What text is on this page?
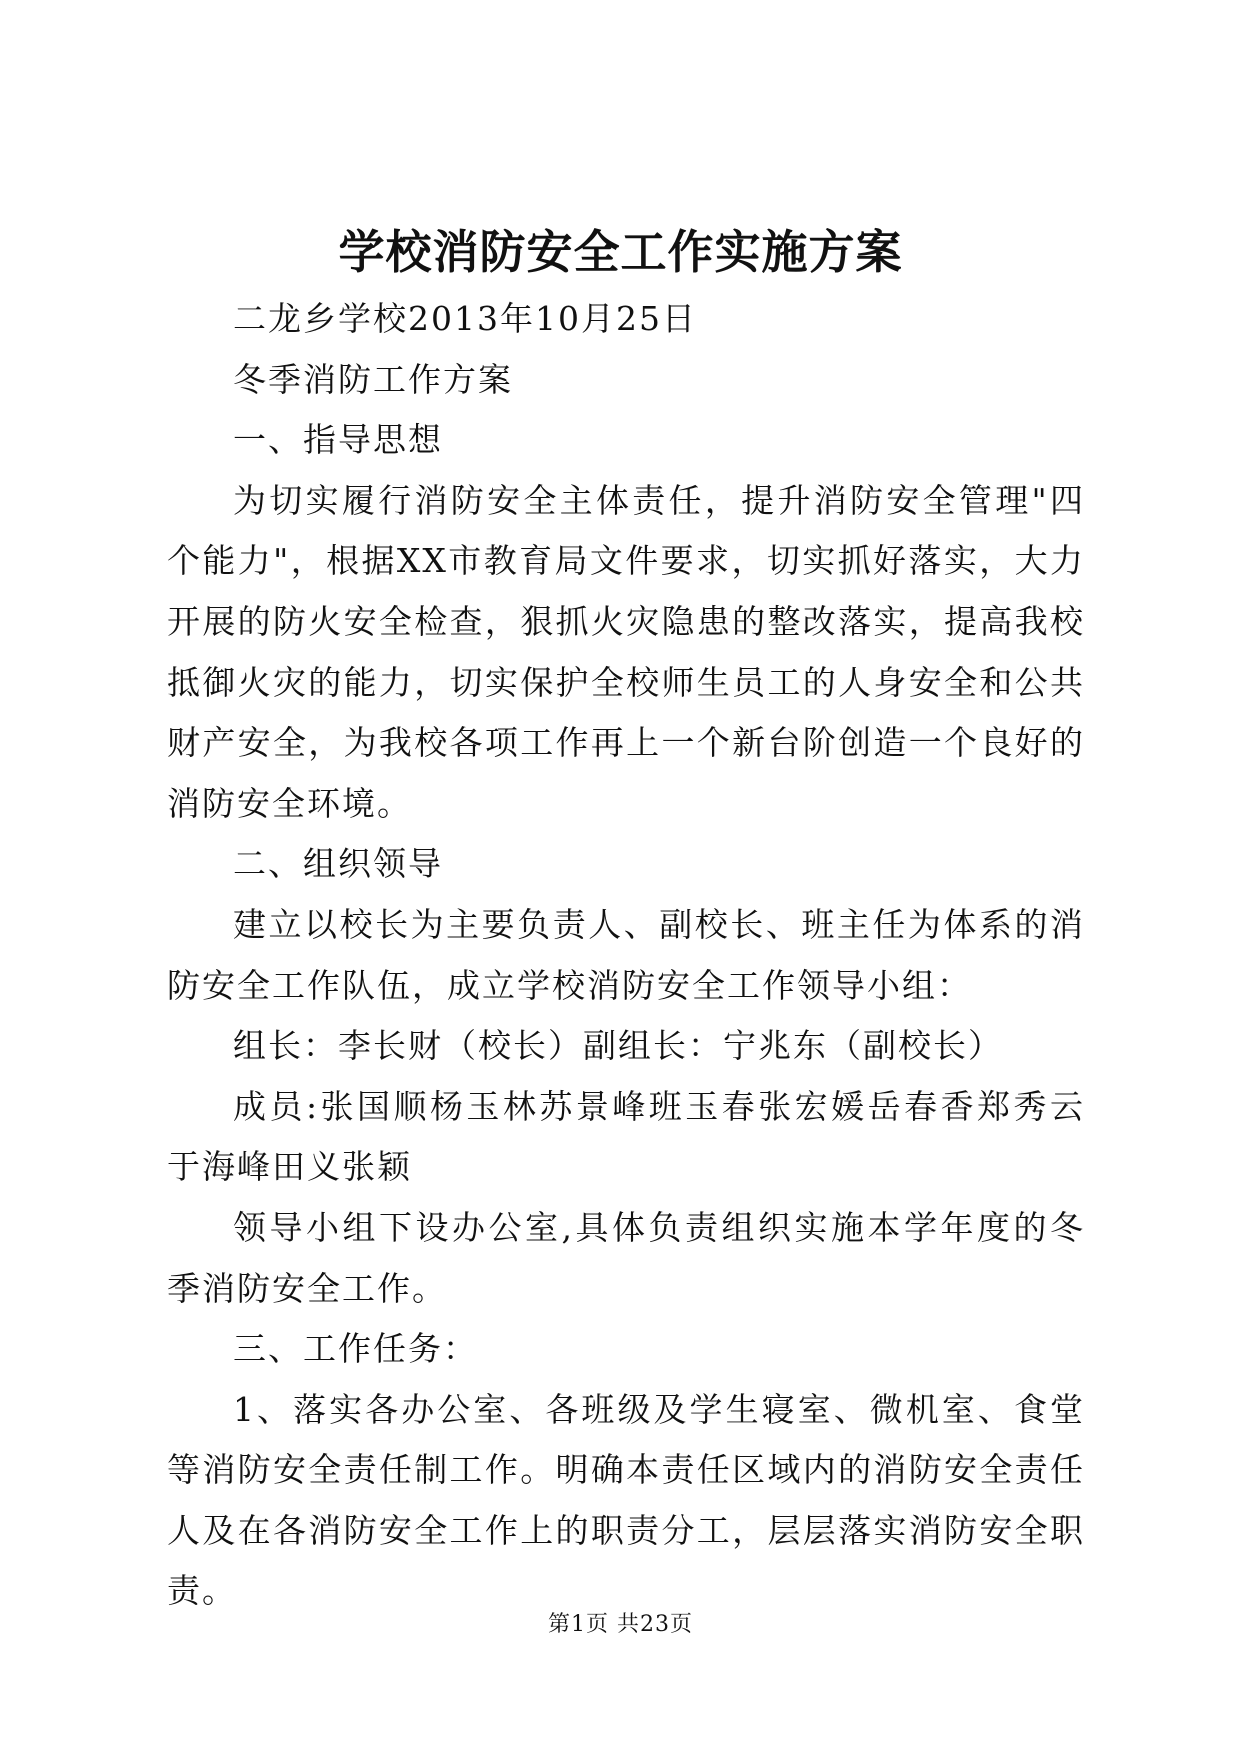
学校消防安全工作实施方案

二龙乡学校2013年10月25日

冬季消防工作方案

一、指导思想

为切实履行消防安全主体责任，提升消防安全管理"四个能力"，根据XX市教育局文件要求，切实抓好落实，大力开展的防火安全检查，狠抓火灾隐患的整改落实，提高我校抵御火灾的能力，切实保护全校师生员工的人身安全和公共财产安全，为我校各项工作再上一个新台阶创造一个良好的消防安全环境。

二、组织领导

建立以校长为主要负责人、副校长、班主任为体系的消防安全工作队伍，成立学校消防安全工作领导小组：

组长：李长财（校长）副组长：宁兆东（副校长）

成员:张国顺杨玉林苏景峰班玉春张宏媛岳春香郑秀云于海峰田义张颖

领导小组下设办公室,具体负责组织实施本学年度的冬季消防安全工作。

三、工作任务：

1、落实各办公室、各班级及学生寝室、微机室、食堂等消防安全责任制工作。明确本责任区域内的消防安全责任人及在各消防安全工作上的职责分工，层层落实消防安全职责。

第1页 共23页
